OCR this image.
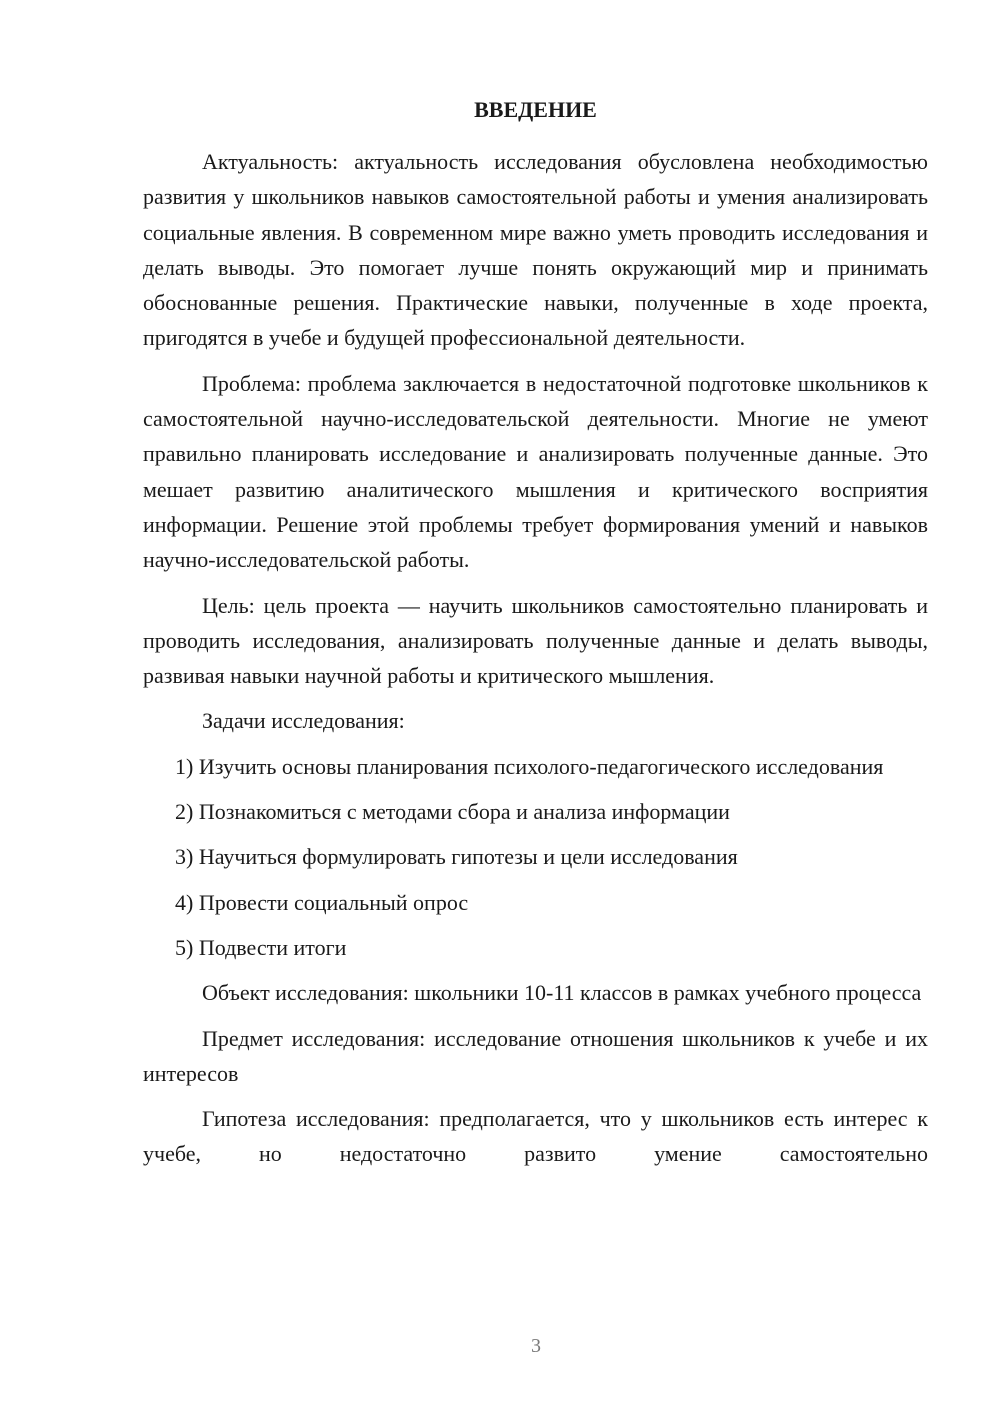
ВВЕДЕНИЕ

Актуальность: актуальность исследования обусловлена необходимостью развития у школьников навыков самостоятельной работы и умения анализировать социальные явления. В современном мире важно уметь проводить исследования и делать выводы. Это помогает лучше понять окружающий мир и принимать обоснованные решения. Практические навыки, полученные в ходе проекта, пригодятся в учебе и будущей профессиональной деятельности.

Проблема: проблема заключается в недостаточной подготовке школьников к самостоятельной научно-исследовательской деятельности. Многие не умеют правильно планировать исследование и анализировать полученные данные. Это мешает развитию аналитического мышления и критического восприятия информации. Решение этой проблемы требует формирования умений и навыков научно-исследовательской работы.

Цель: цель проекта — научить школьников самостоятельно планировать и проводить исследования, анализировать полученные данные и делать выводы, развивая навыки научной работы и критического мышления.

Задачи исследования:

1) Изучить основы планирования психолого-педагогического исследования

2) Познакомиться с методами сбора и анализа информации

3) Научиться формулировать гипотезы и цели исследования

4) Провести социальный опрос

5) Подвести итоги

Объект исследования: школьники 10-11 классов в рамках учебного процесса

Предмет исследования: исследование отношения школьников к учебе и их интересов

Гипотеза исследования: предполагается, что у школьников есть интерес к учебе, но недостаточно развито умение самостоятельно

3
